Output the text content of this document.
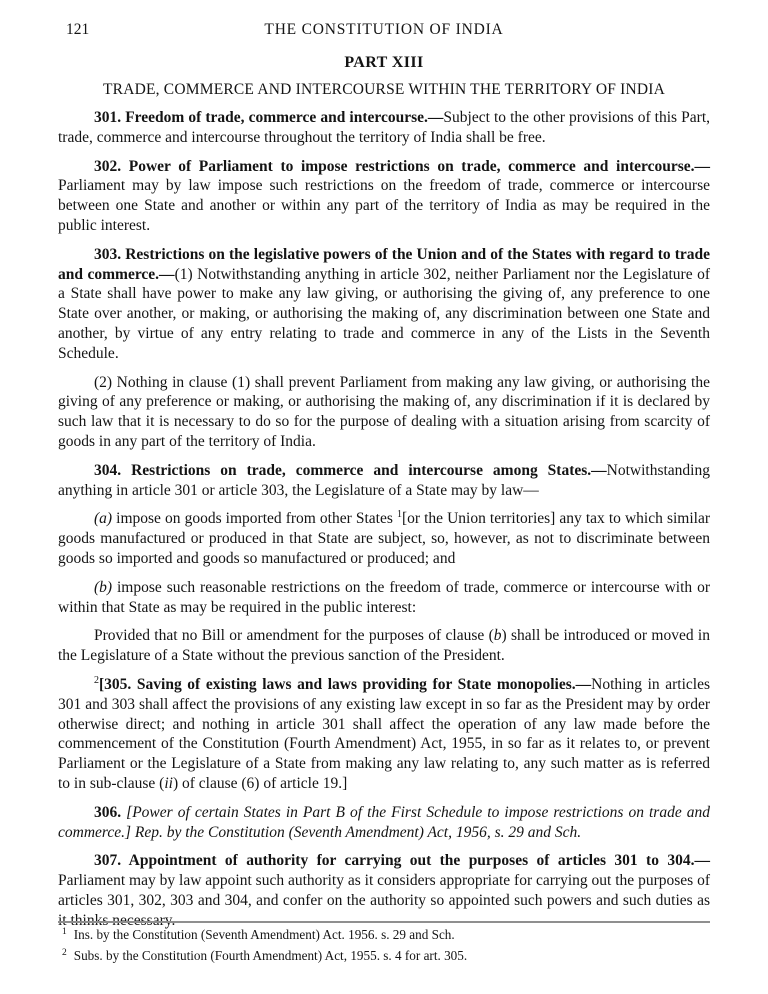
121	THE CONSTITUTION OF INDIA
PART XIII
TRADE, COMMERCE AND INTERCOURSE WITHIN THE TERRITORY OF INDIA

301. Freedom of trade, commerce and intercourse.—Subject to the other provisions of this Part, trade, commerce and intercourse throughout the territory of India shall be free.

302. Power of Parliament to impose restrictions on trade, commerce and intercourse.—Parliament may by law impose such restrictions on the freedom of trade, commerce or intercourse between one State and another or within any part of the territory of India as may be required in the public interest.

303. Restrictions on the legislative powers of the Union and of the States with regard to trade and commerce.—(1) Notwithstanding anything in article 302, neither Parliament nor the Legislature of a State shall have power to make any law giving, or authorising the giving of, any preference to one State over another, or making, or authorising the making of, any discrimination between one State and another, by virtue of any entry relating to trade and commerce in any of the Lists in the Seventh Schedule.

(2) Nothing in clause (1) shall prevent Parliament from making any law giving, or authorising the giving of any preference or making, or authorising the making of, any discrimination if it is declared by such law that it is necessary to do so for the purpose of dealing with a situation arising from scarcity of goods in any part of the territory of India.

304. Restrictions on trade, commerce and intercourse among States.—Notwithstanding anything in article 301 or article 303, the Legislature of a State may by law—

(a) impose on goods imported from other States $^1$[or the Union territories] any tax to which similar goods manufactured or produced in that State are subject, so, however, as not to discriminate between goods so imported and goods so manufactured or produced; and

(b) impose such reasonable restrictions on the freedom of trade, commerce or intercourse with or within that State as may be required in the public interest:

Provided that no Bill or amendment for the purposes of clause (b) shall be introduced or moved in the Legislature of a State without the previous sanction of the President.

$^2$[305. Saving of existing laws and laws providing for State monopolies.—Nothing in articles 301 and 303 shall affect the provisions of any existing law except in so far as the President may by order otherwise direct; and nothing in article 301 shall affect the operation of any law made before the commencement of the Constitution (Fourth Amendment) Act, 1955, in so far as it relates to, or prevent Parliament or the Legislature of a State from making any law relating to, any such matter as is referred to in sub-clause (ii) of clause (6) of article 19.]

306. [Power of certain States in Part B of the First Schedule to impose restrictions on trade and commerce.] Rep. by the Constitution (Seventh Amendment) Act, 1956, s. 29 and Sch.

307. Appointment of authority for carrying out the purposes of articles 301 to 304.—Parliament may by law appoint such authority as it considers appropriate for carrying out the purposes of articles 301, 302, 303 and 304, and confer on the authority so appointed such powers and such duties as it thinks necessary.

$^1$ Ins. by the Constitution (Seventh Amendment) Act. 1956. s. 29 and Sch.
$^2$ Subs. by the Constitution (Fourth Amendment) Act, 1955. s. 4 for art. 305.
